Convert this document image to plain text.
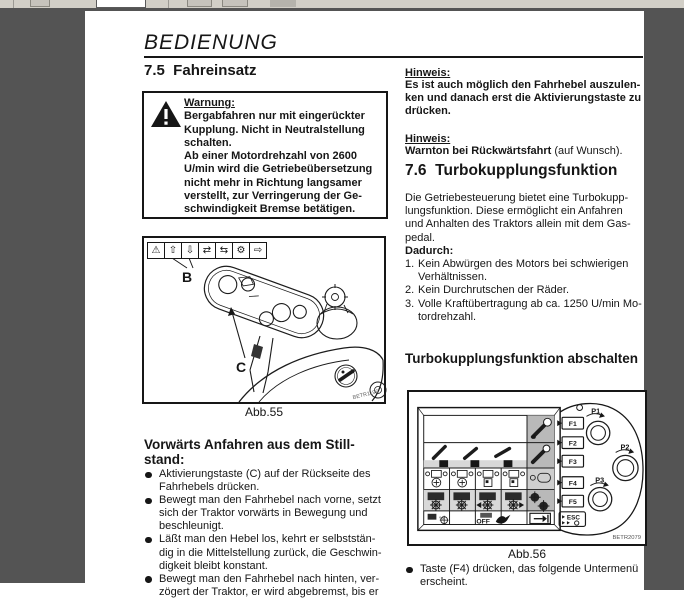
BEDIENUNG
7.5  Fahreinsatz
Warnung:
Bergabfahren nur mit eingerückter
Kupplung. Nicht in Neutralstellung
schalten.
Ab einer Motordrehzahl von 2600
U/min wird die Getriebeübersetzung
nicht mehr in Richtung langsamer
verstellt, zur Verringerung der Ge-
schwindigkeit Bremse betätigen.
B
C
BETR1196
⚠ ⇧ ⇩ ⇄ ⇆ ⚙ ⇨
Abb.55
Vorwärts Anfahren aus dem Still-
stand:
Aktivierungstaste (C) auf der Rückseite des
Fahrhebels drücken.
Bewegt man den Fahrhebel nach vorne, setzt
sich der Traktor vorwärts in Bewegung und
beschleunigt.
Läßt man den Hebel los, kehrt er selbststän-
dig in die Mittelstellung zurück, die Geschwin-
digkeit bleibt konstant.
Bewegt man den Fahrhebel nach hinten, ver-
zögert der Traktor, er wird abgebremst, bis er
Hinweis:
Es ist auch möglich den Fahrhebel auszulen-
ken und danach erst die Aktivierungstaste zu
drücken.
Hinweis:
Warnton bei Rückwärtsfahrt (auf Wunsch).
7.6  Turbokupplungsfunktion
Die Getriebesteuerung bietet eine Turbokupp-
lungsfunktion. Diese ermöglicht ein Anfahren
und Anhalten des Traktors allein mit dem Gas-
pedal.
Dadurch:
1. Kein Abwürgen des Motors bei schwierigen
Verhältnissen.
2. Kein Durchrutschen der Räder.
3. Volle Kraftübertragung ab ca. 1250 U/min Mo-
tordrehzahl.
Turbokupplungsfunktion abschalten
%	OFF
F1
F2
F3
F4
F5
ESC
P1
P2
P3
BETR2079
Abb.56
Taste (F4) drücken, das folgende Untermenü
erscheint.
